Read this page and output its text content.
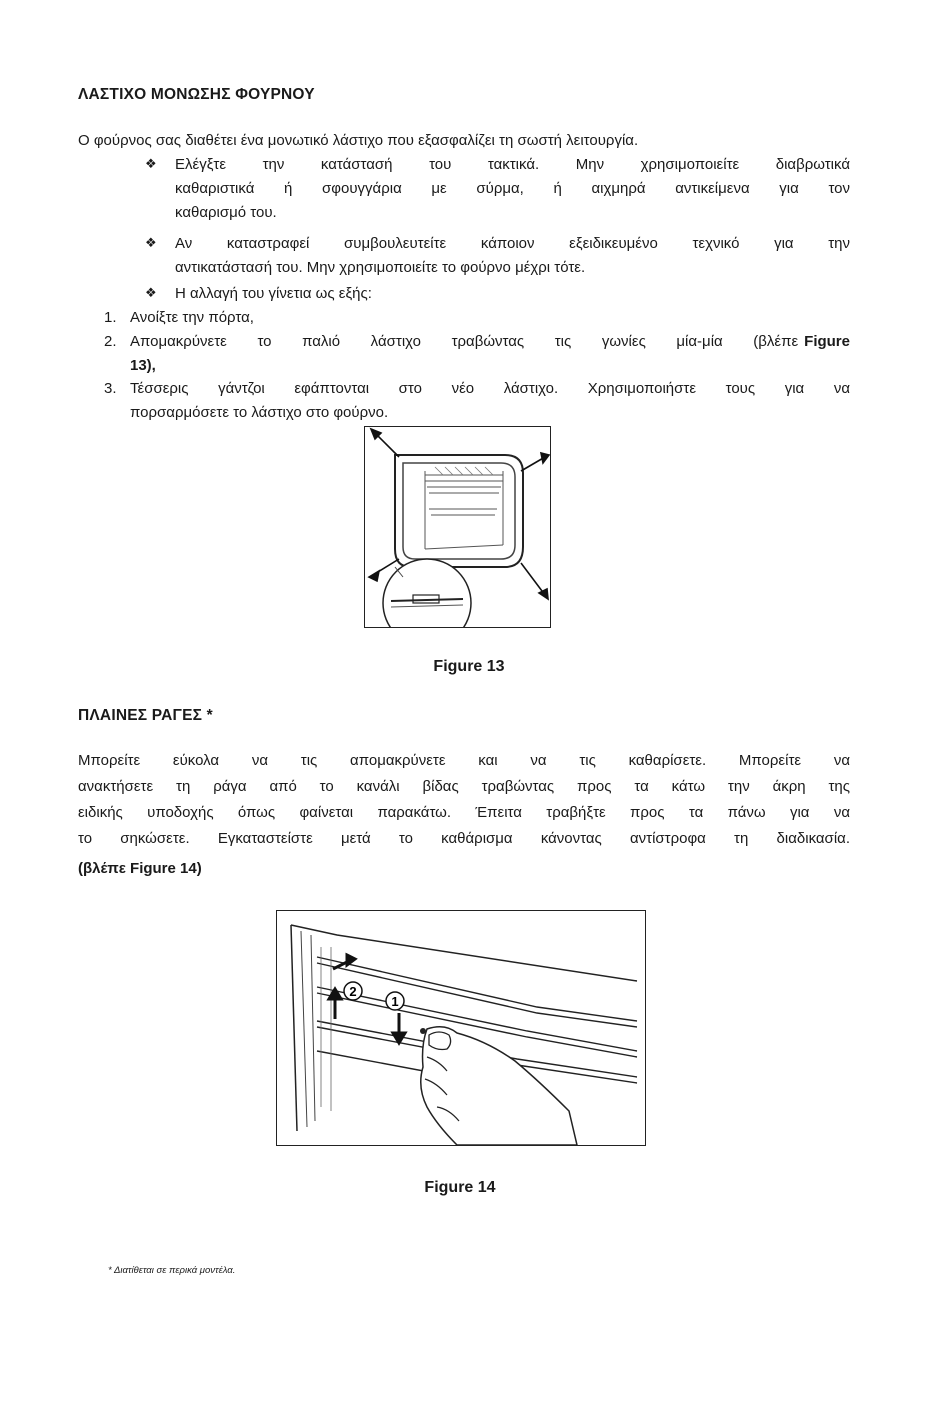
ΛΑΣΤΙΧΟ ΜΟΝΩΣΗΣ ΦΟΥΡΝΟΥ
Ο φούρνος σας διαθέτει ένα μονωτικό λάστιχο που εξασφαλίζει τη σωστή λειτουργία.
❖ Ελέγξτε την κατάστασή του τακτικά. Μην χρησιμοποιείτε διαβρωτικά
καθαριστικά ή σφουγγάρια με σύρμα, ή αιχμηρά αντικείμενα για τον
καθαρισμό του.
❖ Αν καταστραφεί συμβουλευτείτε κάποιον εξειδικευμένο τεχνικό για την
αντικατάστασή του. Μην χρησιμοποιείτε το φούρνο μέχρι τότε.
❖ Η αλλαγή του γίνετια ως εξής:
1. Ανοίξτε την πόρτα,
2. Απομακρύνετε το παλιό λάστιχο τραβώντας τις γωνίες μία-μία (βλέπε Figure
13),
3. Τέσσερις γάντζοι εφάπτονται στο νέο λάστιχο. Χρησιμοποιήστε τους για να
πορσαρμόσετε το λάστιχο στο φούρνο.
Figure 13
ΠΛΑΙΝΕΣ ΡΑΓΕΣ *
Μπορείτε εύκολα να τις απομακρύνετε και να τις καθαρίσετε. Μπορείτε να
ανακτήσετε τη ράγα από το κανάλι βίδας τραβώντας προς τα κάτω την άκρη της
ειδικής υποδοχής όπως φαίνεται παρακάτω. Έπειτα τραβήξτε προς τα πάνω για να
το σηκώσετε. Εγκαταστείστε μετά το καθάρισμα κάνοντας αντίστροφα τη διαδικασία.
(βλέπε Figure 14)
2
1
Figure 14
* Διατίθεται σε περικά μοντέλα.
